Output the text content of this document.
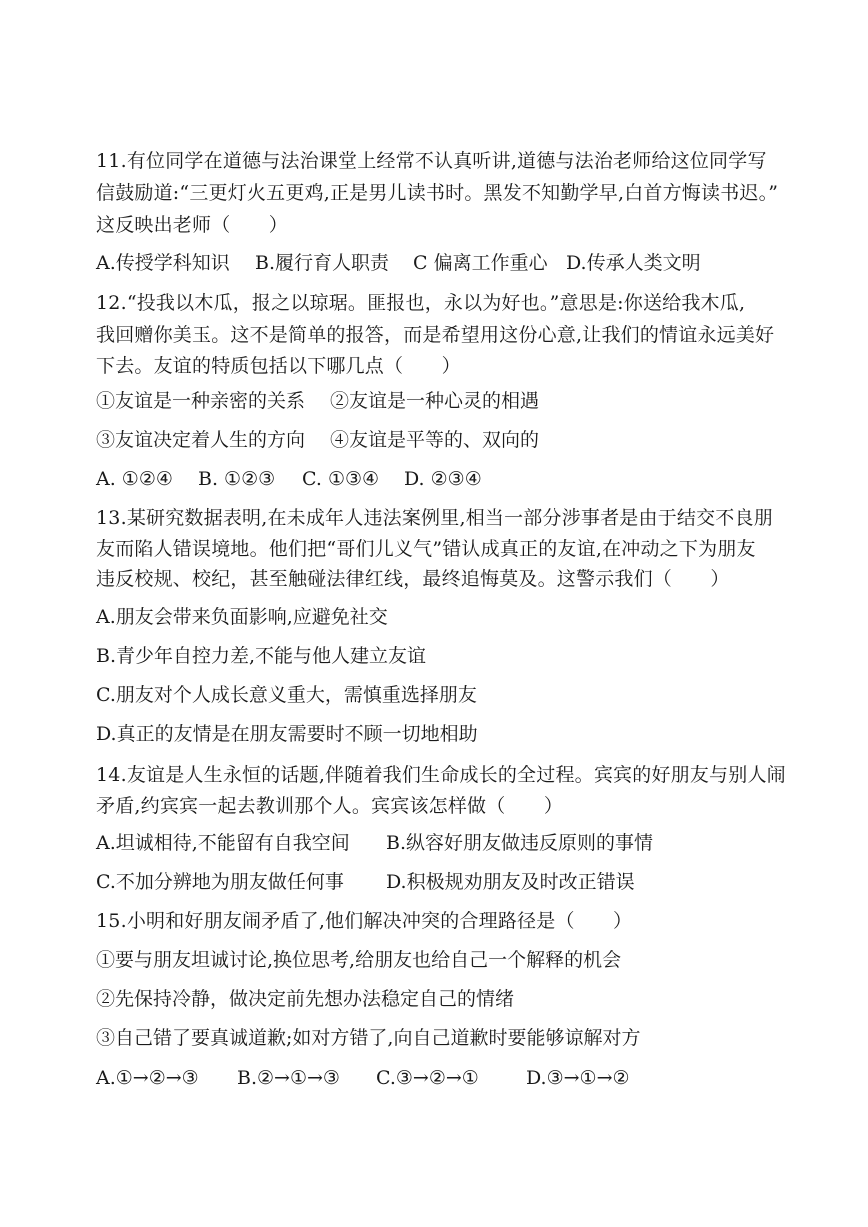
11.有位同学在道德与法治课堂上经常不认真听讲,道德与法治老师给这位同学写
信鼓励道:“三更灯火五更鸡,正是男儿读书时。黑发不知勤学早,白首方悔读书迟。”
这反映出老师（　　）
A.传授学科知识 B.履行育人职责 C 偏离工作重心 D.传承人类文明
12.“投我以木瓜，报之以琼琚。匪报也，永以为好也。”意思是:你送给我木瓜,
我回赠你美玉。这不是简单的报答，而是希望用这份心意,让我们的情谊永远美好
下去。友谊的特质包括以下哪几点（　　）
①友谊是一种亲密的关系 ②友谊是一种心灵的相遇
③友谊决定着人生的方向 ④友谊是平等的、双向的
A. ①②④ B. ①②③ C. ①③④ D. ②③④
13.某研究数据表明,在未成年人违法案例里,相当一部分涉事者是由于结交不良朋
友而陷人错误境地。他们把“哥们儿义气”错认成真正的友谊,在冲动之下为朋友
违反校规、校纪，甚至触碰法律红线，最终追悔莫及。这警示我们（　　）
A.朋友会带来负面影响,应避免社交
B.青少年自控力差,不能与他人建立友谊
C.朋友对个人成长意义重大，需慎重选择朋友
D.真正的友情是在朋友需要时不顾一切地相助
14.友谊是人生永恒的话题,伴随着我们生命成长的全过程。宾宾的好朋友与别人闹
矛盾,约宾宾一起去教训那个人。宾宾该怎样做（　　）
A.坦诚相待,不能留有自我空间 B.纵容好朋友做违反原则的事情
C.不加分辨地为朋友做任何事 D.积极规劝朋友及时改正错误
15.小明和好朋友闹矛盾了,他们解决冲突的合理路径是（　　）
①要与朋友坦诚讨论,换位思考,给朋友也给自己一个解释的机会
②先保持冷静，做决定前先想办法稳定自己的情绪
③自己错了要真诚道歉;如对方错了,向自己道歉时要能够谅解对方
A.①→②→③ B.②→①→③ C.③→②→① D.③→①→②
